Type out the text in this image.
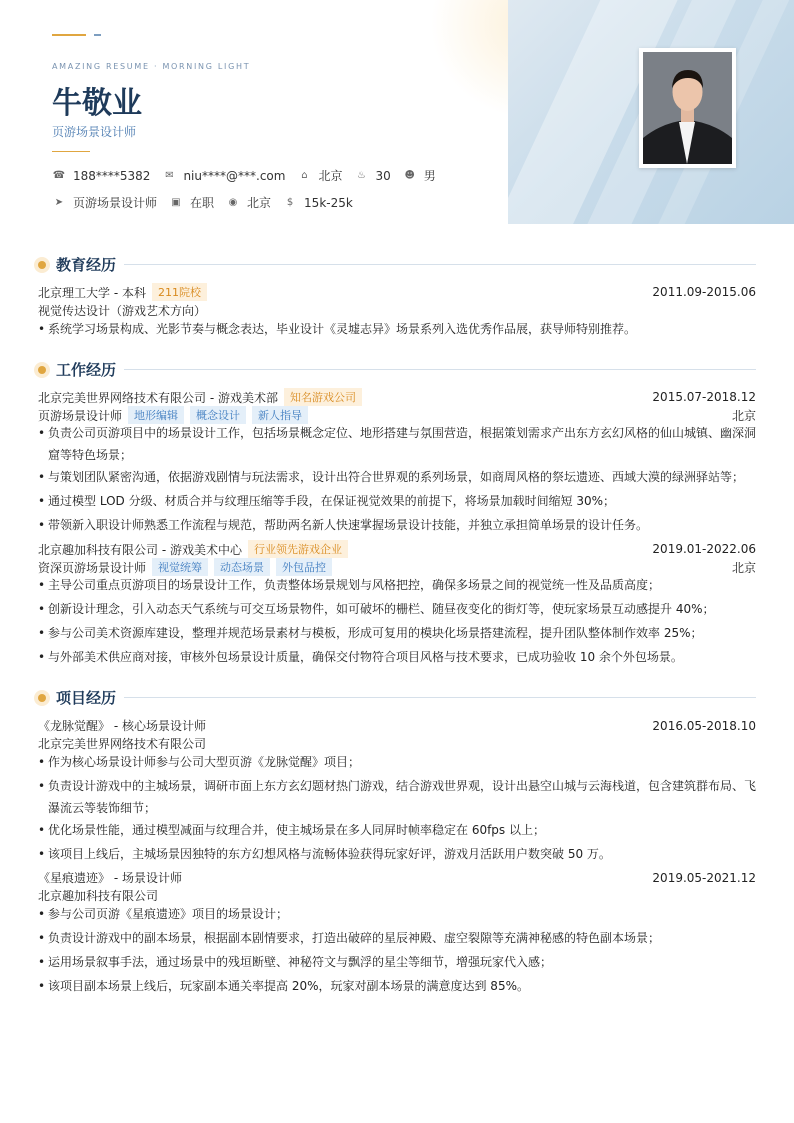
AMAZING RESUME · MORNING LIGHT
牛敬业
页游场景设计师
☎ 188****5382 ✉ niu****@***.com	⌂ 北京 ♨ 30 ☻ 男
➤ 页游场景设计师 ▣ 在职 ◉ 北京	$ 15k-25k
教育经历
北京理工大学 - 本科	211院校	2011.09-2015.06
视觉传达设计（游戏艺术方向）
• 系统学习场景构成、光影节奏与概念表达，毕业设计《灵墟志异》场景系列入选优秀作品展，获导师特别推荐。
工作经历
北京完美世界网络技术有限公司 - 游戏美术部	知名游戏公司	2015.07-2018.12
页游场景设计师	地形编辑	概念设计	新人指导	北京
• 负责公司页游项目中的场景设计工作，包括场景概念定位、地形搭建与氛围营造，根据策划需求产出东方玄幻风格的仙山城镇、幽深洞窟等特色场景；
• 与策划团队紧密沟通，依据游戏剧情与玩法需求，设计出符合世界观的系列场景，如商周风格的祭坛遗迹、西域大漠的绿洲驿站等；
• 通过模型 LOD 分级、材质合并与纹理压缩等手段，在保证视觉效果的前提下，将场景加载时间缩短 30%；
• 带领新入职设计师熟悉工作流程与规范，帮助两名新人快速掌握场景设计技能，并独立承担简单场景的设计任务。
北京趣加科技有限公司 - 游戏美术中心	行业领先游戏企业	2019.01-2022.06
资深页游场景设计师	视觉统筹	动态场景	外包品控	北京
• 主导公司重点页游项目的场景设计工作，负责整体场景规划与风格把控，确保多场景之间的视觉统一性及品质高度；
• 创新设计理念，引入动态天气系统与可交互场景物件，如可破坏的栅栏、随昼夜变化的街灯等，使玩家场景互动感提升 40%；
• 参与公司美术资源库建设，整理并规范场景素材与模板，形成可复用的模块化场景搭建流程，提升团队整体制作效率 25%；
• 与外部美术供应商对接，审核外包场景设计质量，确保交付物符合项目风格与技术要求，已成功验收 10 余个外包场景。
项目经历
《龙脉觉醒》 - 核心场景设计师	2016.05-2018.10
北京完美世界网络技术有限公司
• 作为核心场景设计师参与公司大型页游《龙脉觉醒》项目；
• 负责设计游戏中的主城场景，调研市面上东方玄幻题材热门游戏，结合游戏世界观，设计出悬空山城与云海栈道，包含建筑群布局、飞瀑流云等装饰细节；
• 优化场景性能，通过模型减面与纹理合并，使主城场景在多人同屏时帧率稳定在 60fps 以上；
• 该项目上线后，主城场景因独特的东方幻想风格与流畅体验获得玩家好评，游戏月活跃用户数突破 50 万。
《星痕遗迹》 - 场景设计师	2019.05-2021.12
北京趣加科技有限公司
• 参与公司页游《星痕遗迹》项目的场景设计；
• 负责设计游戏中的副本场景，根据副本剧情要求，打造出破碎的星辰神殿、虚空裂隙等充满神秘感的特色副本场景；
• 运用场景叙事手法，通过场景中的残垣断壁、神秘符文与飘浮的星尘等细节，增强玩家代入感；
• 该项目副本场景上线后，玩家副本通关率提高 20%，玩家对副本场景的满意度达到 85%。
